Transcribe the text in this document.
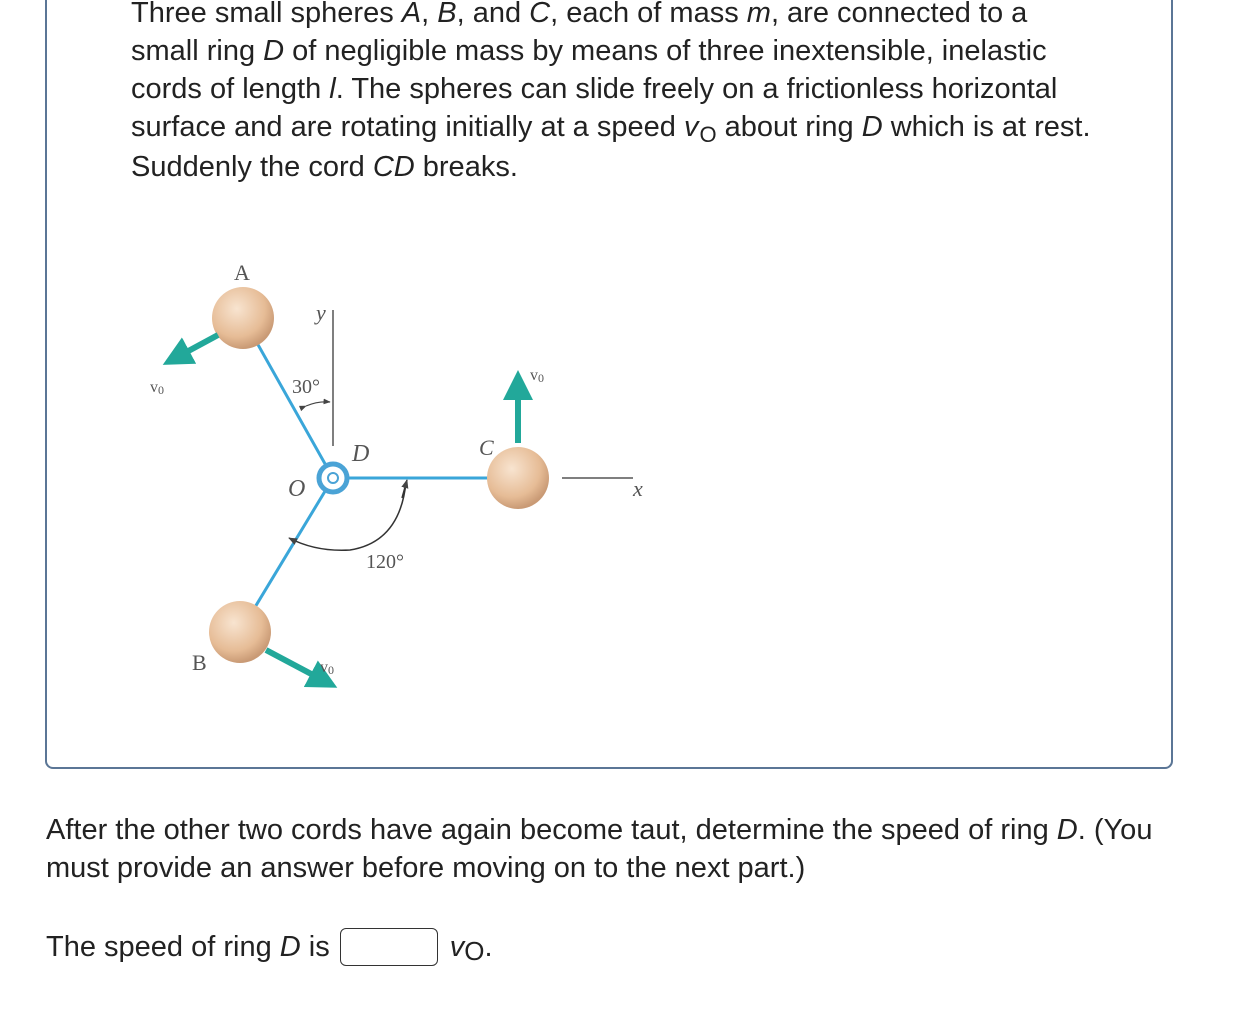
Three small spheres A, B, and C, each of mass m, are connected to a small ring D of negligible mass by means of three inextensible, inelastic cords of length l. The spheres can slide freely on a frictionless horizontal surface and are rotating initially at a speed $v_O$ about ring D which is at rest. Suddenly the cord CD breaks.

A
B
C
D
O
y
x
30°
120°
v0
v0
v0

After the other two cords have again become taut, determine the speed of ring D. (You must provide an answer before moving on to the next part.)

The speed of ring D is	vO.
